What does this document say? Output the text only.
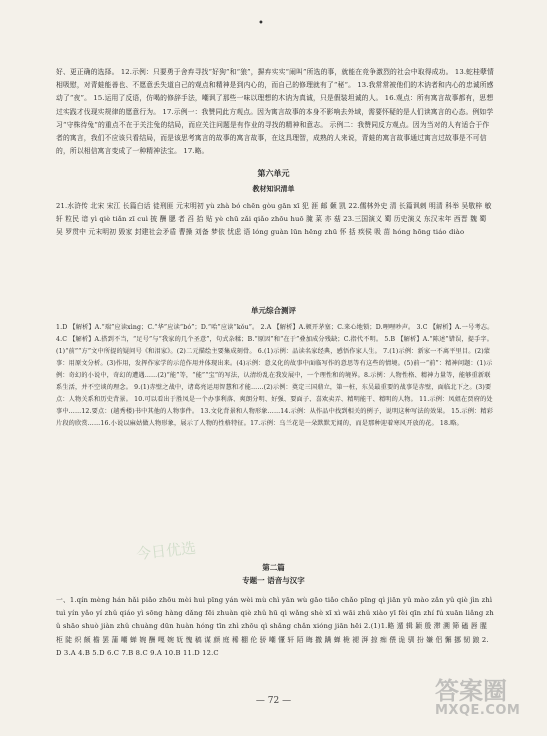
•
好、更正确的选择。 12.示例：只要勇于舍弃寻找“好狗”和“狼”，摒弃实实“闹叫”所选的事，就能在竞争激烈的社会中取得成功。 13.蛇桂孽情相吸慰，对青蛙能善也、不愿意丢失道自己的观点和精神是到内心的，而自己的修理就有了“秘“。 13.我常常被他们的木讷者和内心的忠诚所感动了“夜”。 15.运用了反语，仿喝的修辞手法，嘲讽了那些一味以理想的木讷为真诚，只是假装坦诚的人。 16.观点：所有寓言故事都有，思想过实践才伐现实规律的愿意行为。 17.示例一：我赞同此方观点。因为寓言故事的本身不影响去外域，需要怀疑的是人们读寓言的心态。例如学习“守株待兔”的重点不在于关注兔的结局，而应关注问题是有作业的寻找的精神和意志。 示例二：我赞同反方观点。因为当对的人有适合于作者的寓言，我们不应该只看结局，而是该思考寓言的故事的寓言故事，在这具理智，成熟的人来说，青蛙的寓言故事通过寓言过故事是不可信的，所以相信寓言变成了一种精神法宝。 17.略。
第六单元
教材知识清单
21.水浒传 北宋 宋江 长篇白话 徒刑匪 元末明初 yù zhà bó chēn gòu gān xī 犯 涯 邮 颡 凯 22.儒林外史 清 长篇讽刺 明清 科举 吴敬梓 敏轩 粒民 谙 yì qiè tiǎn zī cuì 披 酬 腮 者 舀 抬 贴 yè chū zǎi qiǎo zhōu huō 腌 菜 亦 菇 23.三国演义 蜀 历史演义 东汉末年 西晋 魏 蜀 吴 罗贯中 元末明初 毁家 封建社会矛盾 曹操 刘备 梦依 忧虑 语 lóng guàn lūn hēng zhū 怀 括 疾侯 吸 苗 hóng hōng tiáo diào
单元综合测评
1.D 【解析】A.“瑞”应读xìng；C.“华”应读“bó”；D.“哈”应读“kǒu”。 2.A 【解析】A.顿开茅塞；C.来心地锁；D.哩哩吵声。 3.C 【解析】A.一号考志。 4.C 【解析】A.搭到不当，“足号”与“我家的几个圣意”，句式杂糅；B.“原因”和“在于”叠加成分残缺；C.指代不明。 5.B 【解析】A.“陈述”错误，提手字。(1)“前”“方”文中所提的疑问号《和泪家》。(2)二元描绘主要集成刻骨。 6.(1)示例：品读名家经典，感悟作家人生。 7.(1)示例：新家一不离平里目。(2)蒙事：用原文分析。(3)作用，发挥作家学的示范作用并体现出来。(4)示例：意义化的故事中面临写作的意思等有这些的情境。(5)前一“前”：精神问题：(1)示例：奇幻的小说中，奇幻的遭遇……(2)“能”等，“能”“宝”的写法，认清纷乱在我发展中，一个理性和的境界。8.示例：人物性格、精神力量等，能够重新联系生活，并不空谈的理念。 9.(1)赤壁之战中，诸葛亮运用智慧和才能……(2)示例：奠定三国鼎立，第一桩，东吴最重要的战事是赤壁，面临北下之。(3)要点：人物关系和历史背景。 10.可以看出于胜凤是一个办事利落、爽朗分明、好强、要面子、喜欢卖弄、精明能干、精明的人物。 11.示例：凤姐在贾府的处事中……12.要点：(越秀楼)书中其他的人物事件。 13.文化背景和人物形象……14.示例：从作品中找到相关的例子，说明这种写法的效果。 15.示例：精彩片段的欣赏……16.小说以麻姑做人物形象，展示了人物的性格特征。17.示例：乌兰花是一朵默默无闻的，而是那种迎着寒风开放的花。 18.略。
今日优选
第二篇
专题一 语音与汉字
一、1.qín mèng hán hǎi piǎo zhōu mèi huì pīng yán wèi mù chì yān wù gāo tiǎo chǎo pīng qì jiān yǔ mào zǎn yǔ qiè jìn zhì tuì yín yǎo yí zhǔ qiáo yì sōng hàng dǎng fēi zhuàn qiè zhǔ hū qì wǎng shè xī xì wāi zhǔ xiào yī fèi qīn zhí fú xuān liǎng zhǔ shāo shuò jiàn zhǔ chuàng dūn huàn hóng tīn zhì zhōu qì shǎng chǎn xióng jiān hēi 2.(1)1.略 遁 辑 颖 殷 滞 溯 筛 磕 唇 腥 柜 陡 炽 颇 檐 罢 蒲 嘲 蝉 婉 酬 嘎 婉 妩 愧 稿 谋 颜 庭 稀 棚 伦 骄 嘲 懂 轩 陌 晦 撒 蹒 蝉 桅 褪 湃 掠 痴 偎 诡 驯 扮 嫌 侣 懈 挪 韧 踉 2.D 3.A 4.B 5.D 6.C 7.B 8.C 9.A 10.B 11.D 12.C
— 72 —	答案圈
MXQE.COM
